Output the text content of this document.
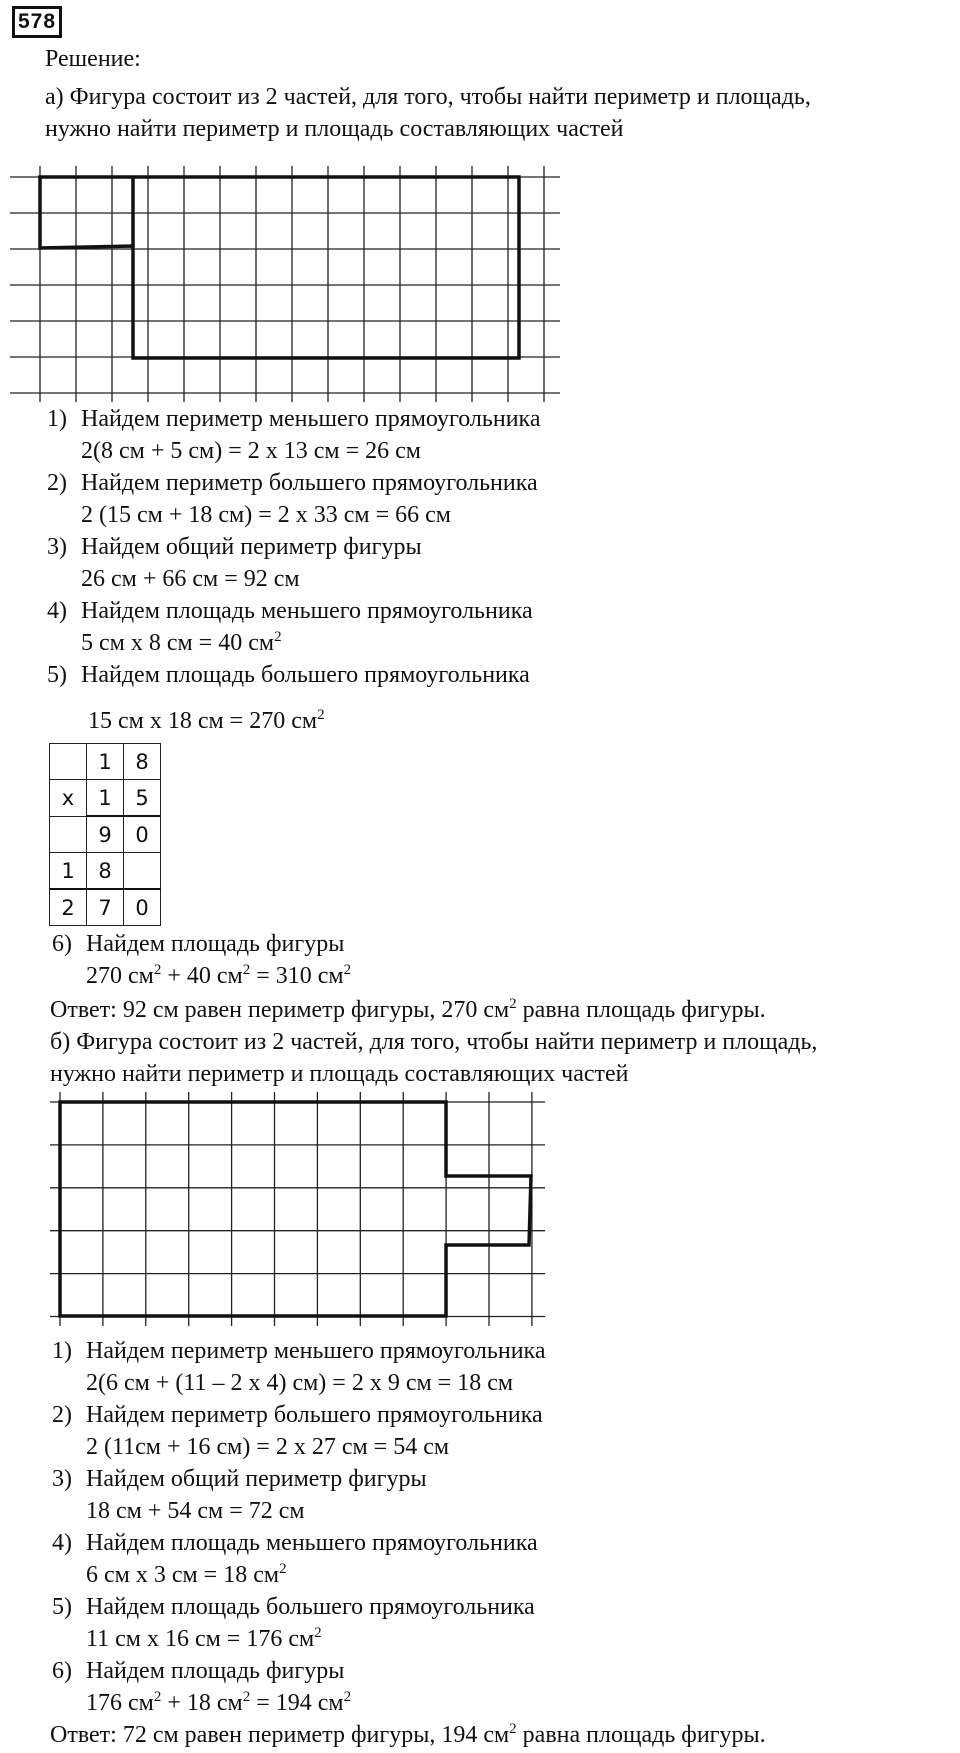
578
Решение:
а) Фигура состоит из 2 частей, для того, чтобы найти периметр и площадь,
нужно найти периметр и площадь составляющих частей
1) Найдем периметр меньшего прямоугольника
2(8 см + 5 см) = 2 х 13 см = 26 см
2) Найдем периметр большего прямоугольника
2 (15 см + 18 см) = 2 х 33 см = 66 см
3) Найдем общий периметр фигуры
26 см + 66 см = 92 см
4) Найдем площадь меньшего прямоугольника
5 см х 8 см = 40 $см^2$
5) Найдем площадь большего прямоугольника
15 см х 18 см = 270 $см^2$
	1	8
x	1	5
	9	0
1	8	
2	7	0
6) Найдем площадь фигуры
270 $см^2 + 40$ $см^2 = 310$ $см^2$
Ответ: 92 см равен периметр фигуры, 270 $см^2$ равна площадь фигуры.
б) Фигура состоит из 2 частей, для того, чтобы найти периметр и площадь,
нужно найти периметр и площадь составляющих частей
1) Найдем периметр меньшего прямоугольника
2(6 см + (11 – 2 х 4) см) = 2 х 9 см = 18 см
2) Найдем периметр большего прямоугольника
2 (11см + 16 см) = 2 х 27 см = 54 см
3) Найдем общий периметр фигуры
18 см + 54 см = 72 см
4) Найдем площадь меньшего прямоугольника
6 см х 3 см = 18 $см^2$
5) Найдем площадь большего прямоугольника
11 см х 16 см = 176 $см^2$
6) Найдем площадь фигуры
176 $см^2 + 18$ $см^2 = 194$ $см^2$
Ответ: 72 см равен периметр фигуры, 194 $см^2$ равна площадь фигуры.
